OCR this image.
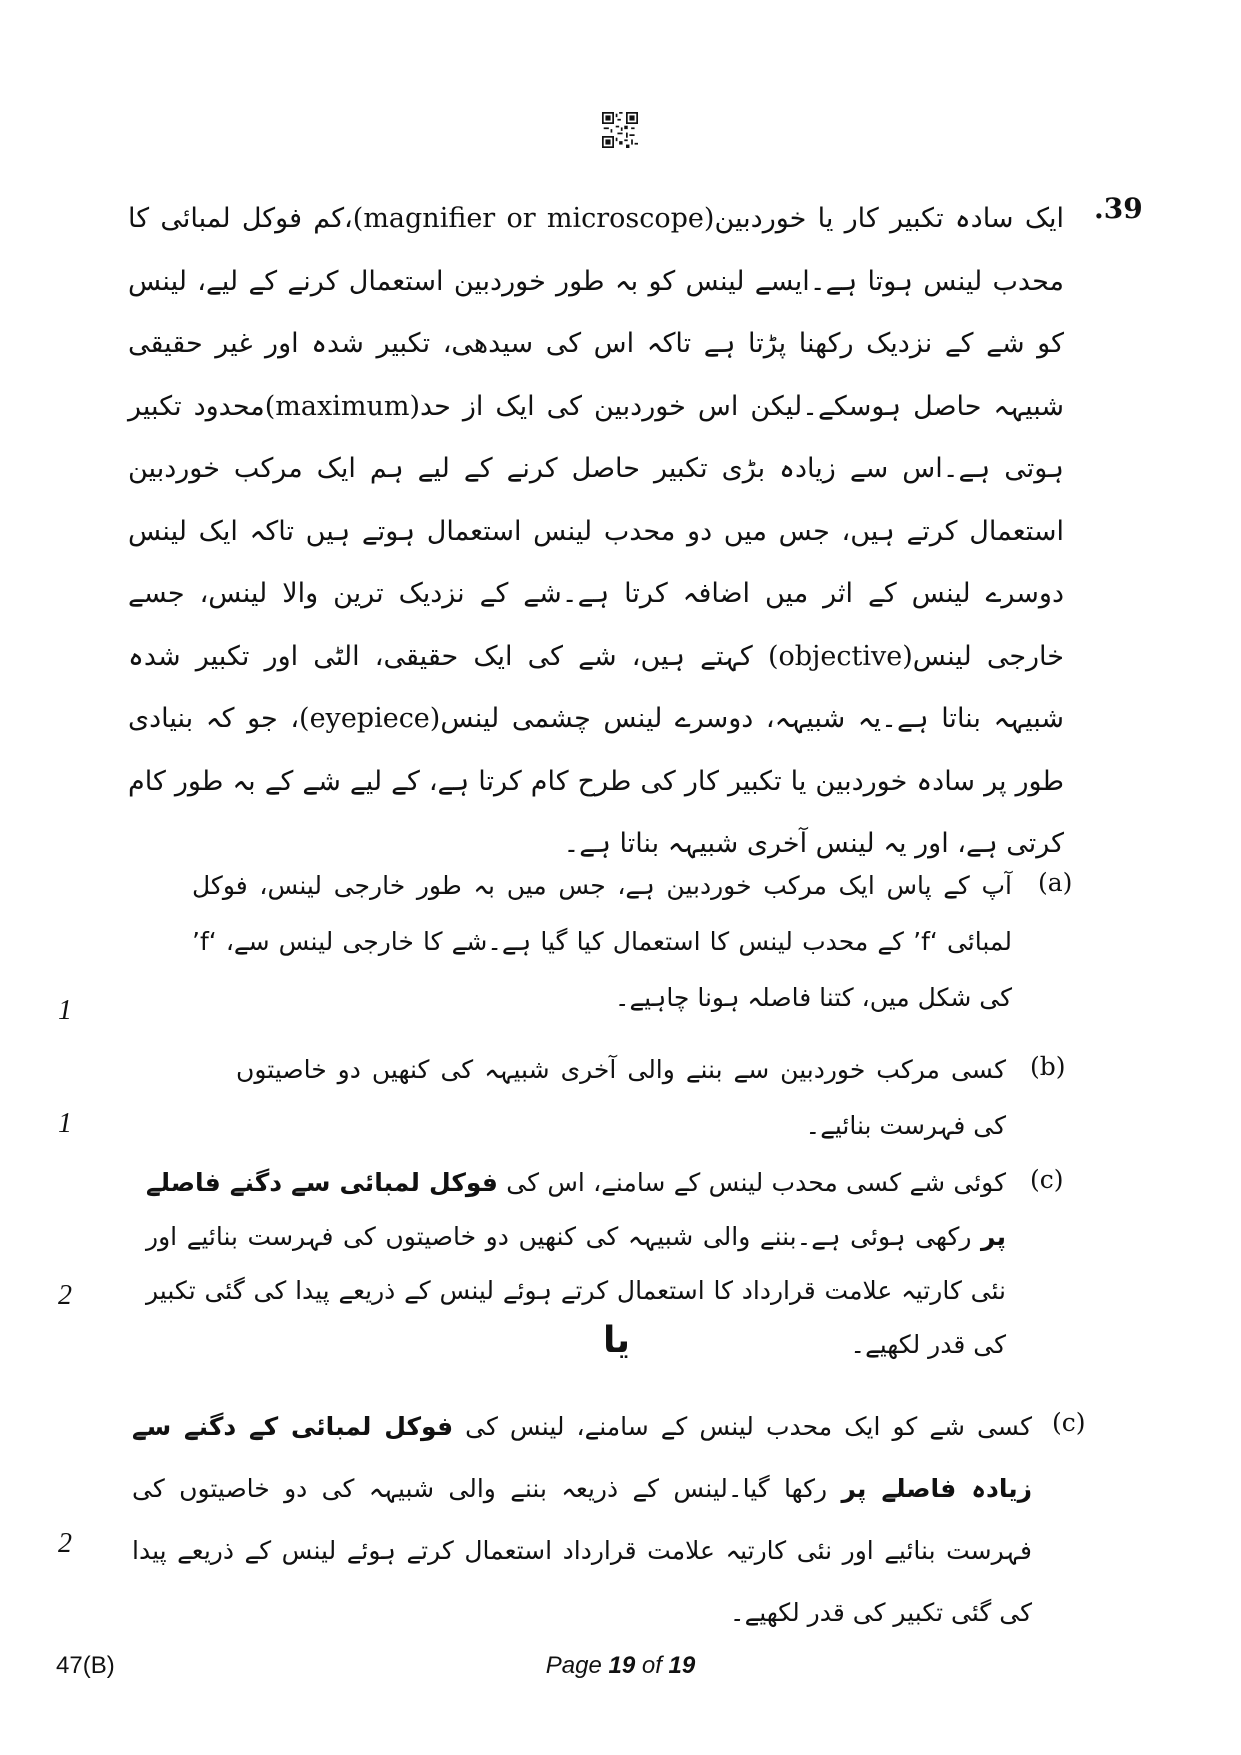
.39
ایک سادہ تکبیر کار یا خوردبین(magnifier or microscope)،کم فوکل لمبائی کا محدب لینس ہوتا ہے۔ایسے لینس کو بہ طور خوردبین استعمال کرنے کے لیے، لینس کو شے کے نزدیک رکھنا پڑتا ہے تاکہ اس کی سیدھی، تکبیر شدہ اور غیر حقیقی شبیہہ حاصل ہوسکے۔لیکن اس خوردبین کی ایک از حد(maximum)محدود تکبیر ہوتی ہے۔اس سے زیادہ بڑی تکبیر حاصل کرنے کے لیے ہم ایک مرکب خوردبین استعمال کرتے ہیں، جس میں دو محدب لینس استعمال ہوتے ہیں تاکہ ایک لینس دوسرے لینس کے اثر میں اضافہ کرتا ہے۔شے کے نزدیک ترین والا لینس، جسے خارجی لینس(objective) کہتے ہیں، شے کی ایک حقیقی، الٹی اور تکبیر شدہ شبیہہ بناتا ہے۔یہ شبیہہ، دوسرے لینس چشمی لینس(eyepiece)، جو کہ بنیادی طور پر سادہ خوردبین یا تکبیر کار کی طرح کام کرتا ہے، کے لیے شے کے بہ طور کام کرتی ہے، اور یہ لینس آخری شبیہہ بناتا ہے۔
(a)
آپ کے پاس ایک مرکب خوردبین ہے، جس میں بہ طور خارجی لینس، فوکل لمبائی ‘f’ کے محدب لینس کا استعمال کیا گیا ہے۔شے کا خارجی لینس سے، ‘f’ کی شکل میں، کتنا فاصلہ ہونا چاہیے۔
1
(b)
کسی مرکب خوردبین سے بننے والی آخری شبیہہ کی کنھیں دو خاصیتوں کی فہرست بنائیے۔
1
(c)
کوئی شے کسی محدب لینس کے سامنے، اس کی فوکل لمبائی سے دگنے فاصلے پر رکھی ہوئی ہے۔بننے والی شبیہہ کی کنھیں دو خاصیتوں کی فہرست بنائیے اور نئی کارتیہ علامت قرارداد کا استعمال کرتے ہوئے لینس کے ذریعے پیدا کی گئی تکبیر کی قدر لکھیے۔
2
یا
(c)
کسی شے کو ایک محدب لینس کے سامنے، لینس کی فوکل لمبائی کے دگنے سے زیادہ فاصلے پر رکھا گیا۔لینس کے ذریعہ بننے والی شبیہہ کی دو خاصیتوں کی فہرست بنائیے اور نئی کارتیہ علامت قرارداد استعمال کرتے ہوئے لینس کے ذریعے پیدا کی گئی تکبیر کی قدر لکھیے۔
2
47(B)	Page 19 of 19
